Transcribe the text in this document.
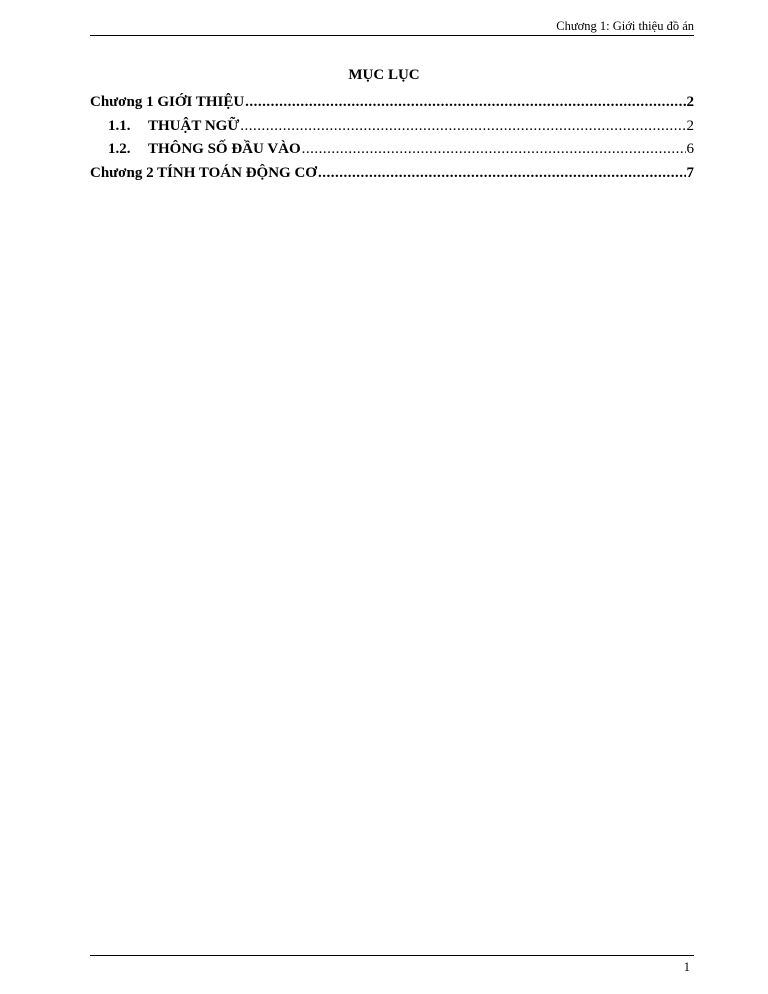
Chương 1: Giới thiệu đồ án
MỤC LỤC
Chương 1 GIỚI THIỆU .....	2
1.1.	THUẬT NGỮ .....	2
1.2.	THÔNG SỐ ĐẦU VÀO .....	6
Chương 2 TÍNH TOÁN ĐỘNG CƠ .....	7
1
